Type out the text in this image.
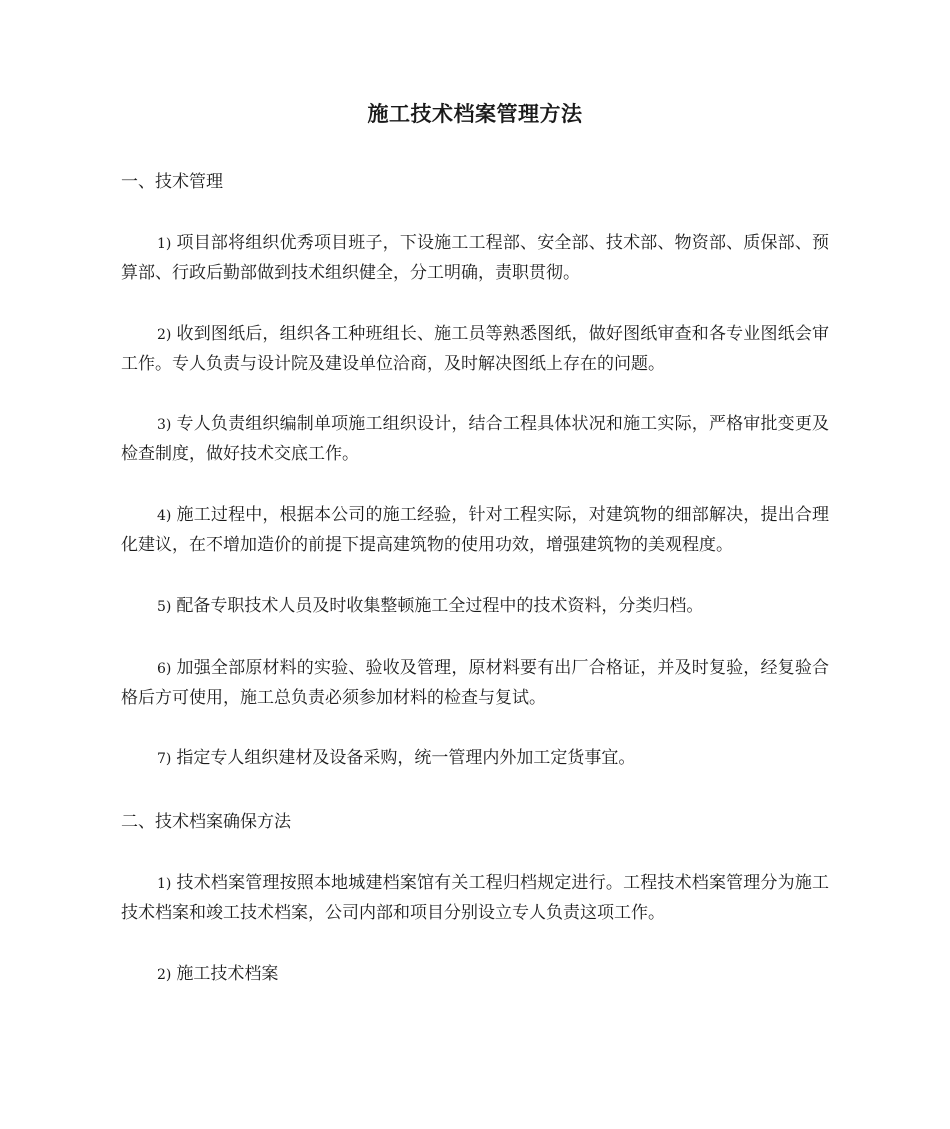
施工技术档案管理方法
一、技术管理
1) 项目部将组织优秀项目班子，下设施工工程部、安全部、技术部、物资部、质保部、预算部、行政后勤部做到技术组织健全，分工明确，责职贯彻。
2) 收到图纸后，组织各工种班组长、施工员等熟悉图纸，做好图纸审查和各专业图纸会审工作。专人负责与设计院及建设单位洽商，及时解决图纸上存在的问题。
3) 专人负责组织编制单项施工组织设计，结合工程具体状况和施工实际，严格审批变更及检查制度，做好技术交底工作。
4) 施工过程中，根据本公司的施工经验，针对工程实际，对建筑物的细部解决，提出合理化建议，在不增加造价的前提下提高建筑物的使用功效，增强建筑物的美观程度。
5) 配备专职技术人员及时收集整顿施工全过程中的技术资料，分类归档。
6) 加强全部原材料的实验、验收及管理，原材料要有出厂合格证，并及时复验，经复验合格后方可使用，施工总负责必须参加材料的检查与复试。
7) 指定专人组织建材及设备采购，统一管理内外加工定货事宜。
二、技术档案确保方法
1) 技术档案管理按照本地城建档案馆有关工程归档规定进行。工程技术档案管理分为施工技术档案和竣工技术档案，公司内部和项目分别设立专人负责这项工作。
2) 施工技术档案
